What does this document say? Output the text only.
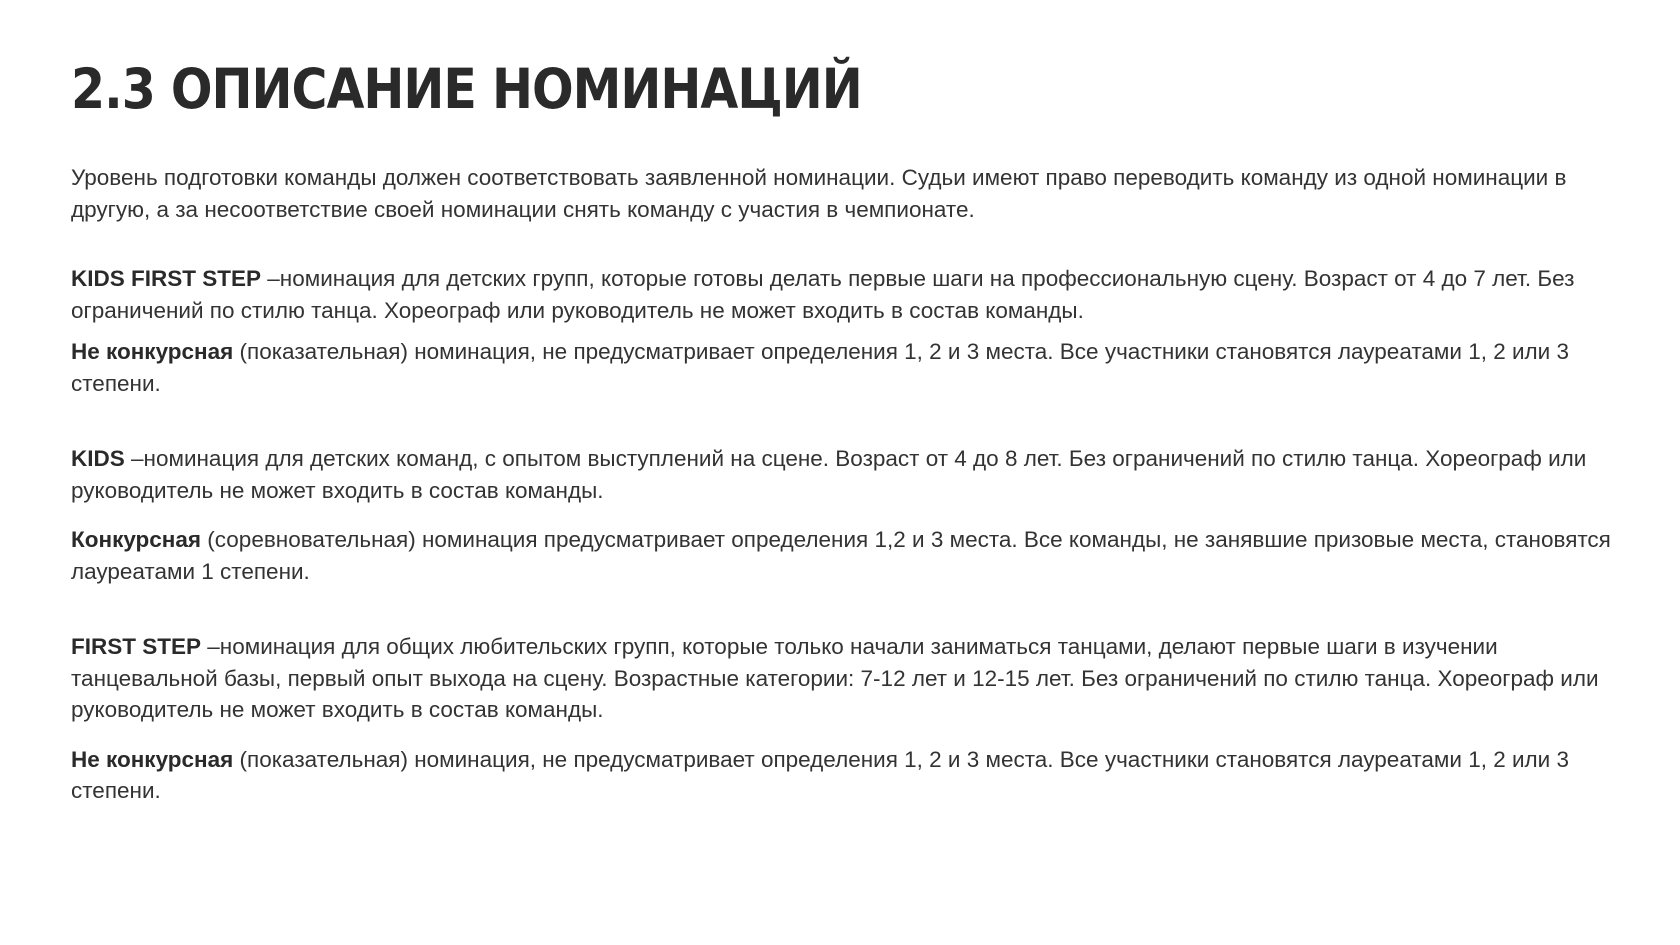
2.3 ОПИСАНИЕ НОМИНАЦИЙ

Уровень подготовки команды должен соответствовать заявленной номинации. Судьи имеют право переводить команду из одной номинации в другую, а за несоответствие своей номинации снять команду с участия в чемпионате.

KIDS FIRST STEP –номинация для детских групп, которые готовы делать первые шаги на профессиональную сцену. Возраст от 4 до 7 лет. Без ограничений по стилю танца. Хореограф или руководитель не может входить в состав команды.

Не конкурсная (показательная) номинация, не предусматривает определения 1, 2 и 3 места. Все участники становятся лауреатами 1, 2 или 3 степени.

KIDS –номинация для детских команд, с опытом выступлений на сцене. Возраст от 4 до 8 лет. Без ограничений по стилю танца. Хореограф или руководитель не может входить в состав команды.

Конкурсная (соревновательная) номинация предусматривает определения 1,2 и 3 места. Все команды, не занявшие призовые места, становятся лауреатами 1 степени.

FIRST STEP –номинация для общих любительских групп, которые только начали заниматься танцами, делают первые шаги в изучении танцевальной базы, первый опыт выхода на сцену. Возрастные категории: 7-12 лет и 12-15 лет. Без ограничений по стилю танца. Хореограф или руководитель не может входить в состав команды.

Не конкурсная (показательная) номинация, не предусматривает определения 1, 2 и 3 места. Все участники становятся лауреатами 1, 2 или 3 степени.
